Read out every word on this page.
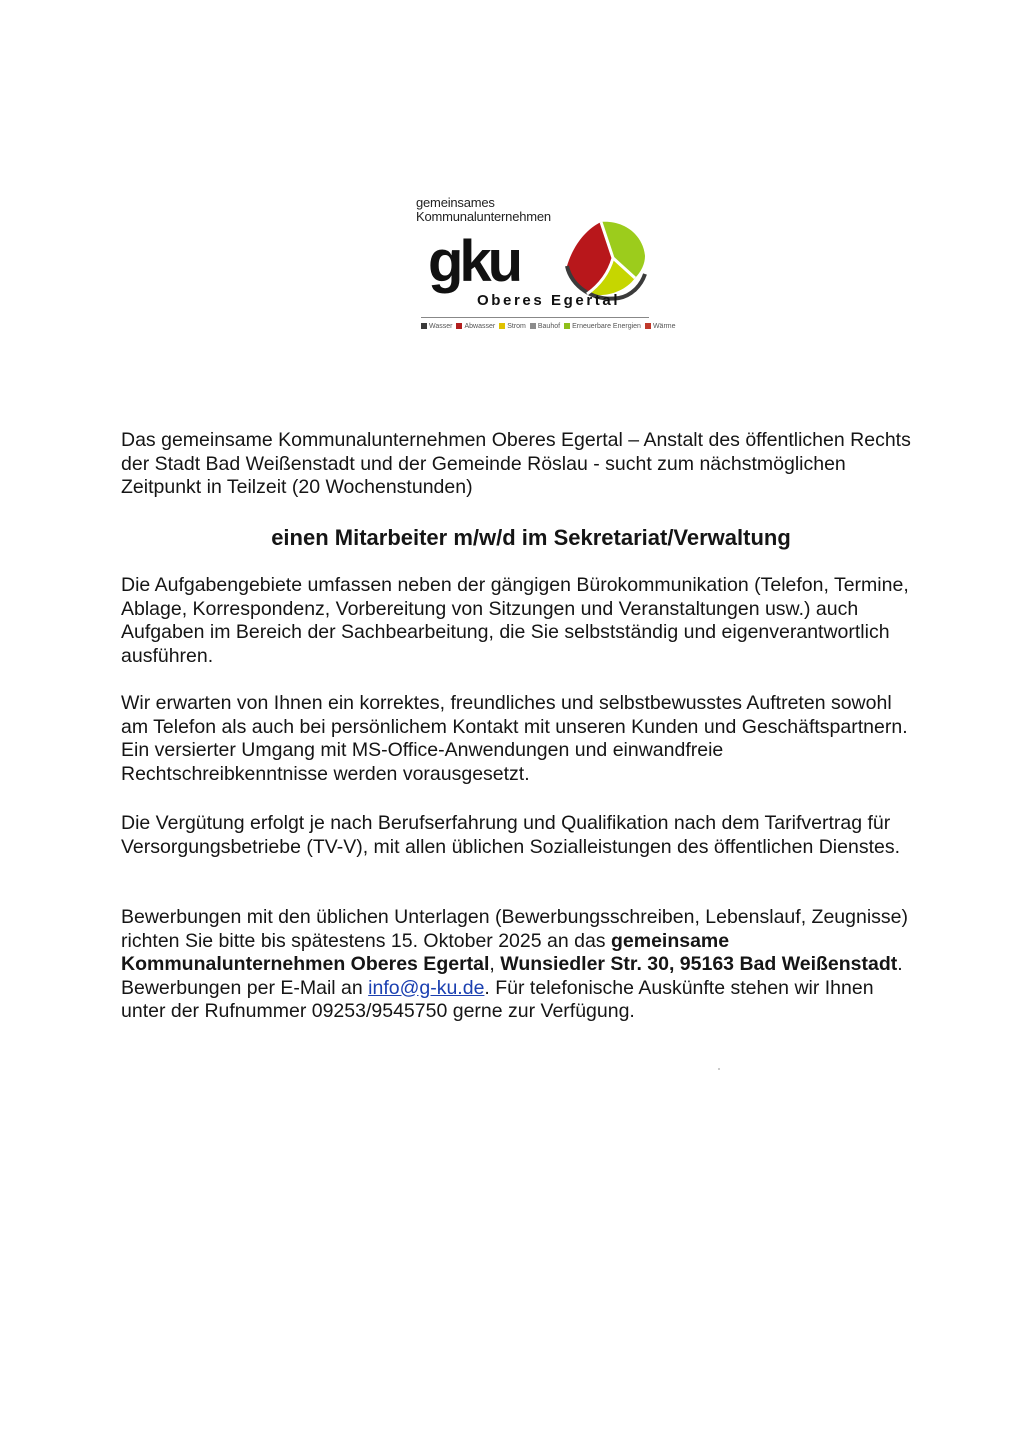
gemeinsames
Kommunalunternehmen
gku
Oberes Egertal
Wasser Abwasser Strom Bauhof Erneuerbare Energien Wärme

Das gemeinsame Kommunalunternehmen Oberes Egertal – Anstalt des öffentlichen Rechts der Stadt Bad Weißenstadt und der Gemeinde Röslau - sucht zum nächstmöglichen Zeitpunkt in Teilzeit (20 Wochenstunden)

einen Mitarbeiter m/w/d im Sekretariat/Verwaltung

Die Aufgabengebiete umfassen neben der gängigen Bürokommunikation (Telefon, Termine, Ablage, Korrespondenz, Vorbereitung von Sitzungen und Veranstaltungen usw.) auch Aufgaben im Bereich der Sachbearbeitung, die Sie selbstständig und eigenverantwortlich ausführen.

Wir erwarten von Ihnen ein korrektes, freundliches und selbstbewusstes Auftreten sowohl am Telefon als auch bei persönlichem Kontakt mit unseren Kunden und Geschäftspartnern. Ein versierter Umgang mit MS-Office-Anwendungen und einwandfreie Rechtschreibkenntnisse werden vorausgesetzt.

Die Vergütung erfolgt je nach Berufserfahrung und Qualifikation nach dem Tarifvertrag für Versorgungsbetriebe (TV-V), mit allen üblichen Sozialleistungen des öffentlichen Dienstes.

Bewerbungen mit den üblichen Unterlagen (Bewerbungsschreiben, Lebenslauf, Zeugnisse) richten Sie bitte bis spätestens 15. Oktober 2025 an das gemeinsame Kommunalunternehmen Oberes Egertal, Wunsiedler Str. 30, 95163 Bad Weißenstadt. Bewerbungen per E-Mail an info@g-ku.de. Für telefonische Auskünfte stehen wir Ihnen unter der Rufnummer 09253/9545750 gerne zur Verfügung.
